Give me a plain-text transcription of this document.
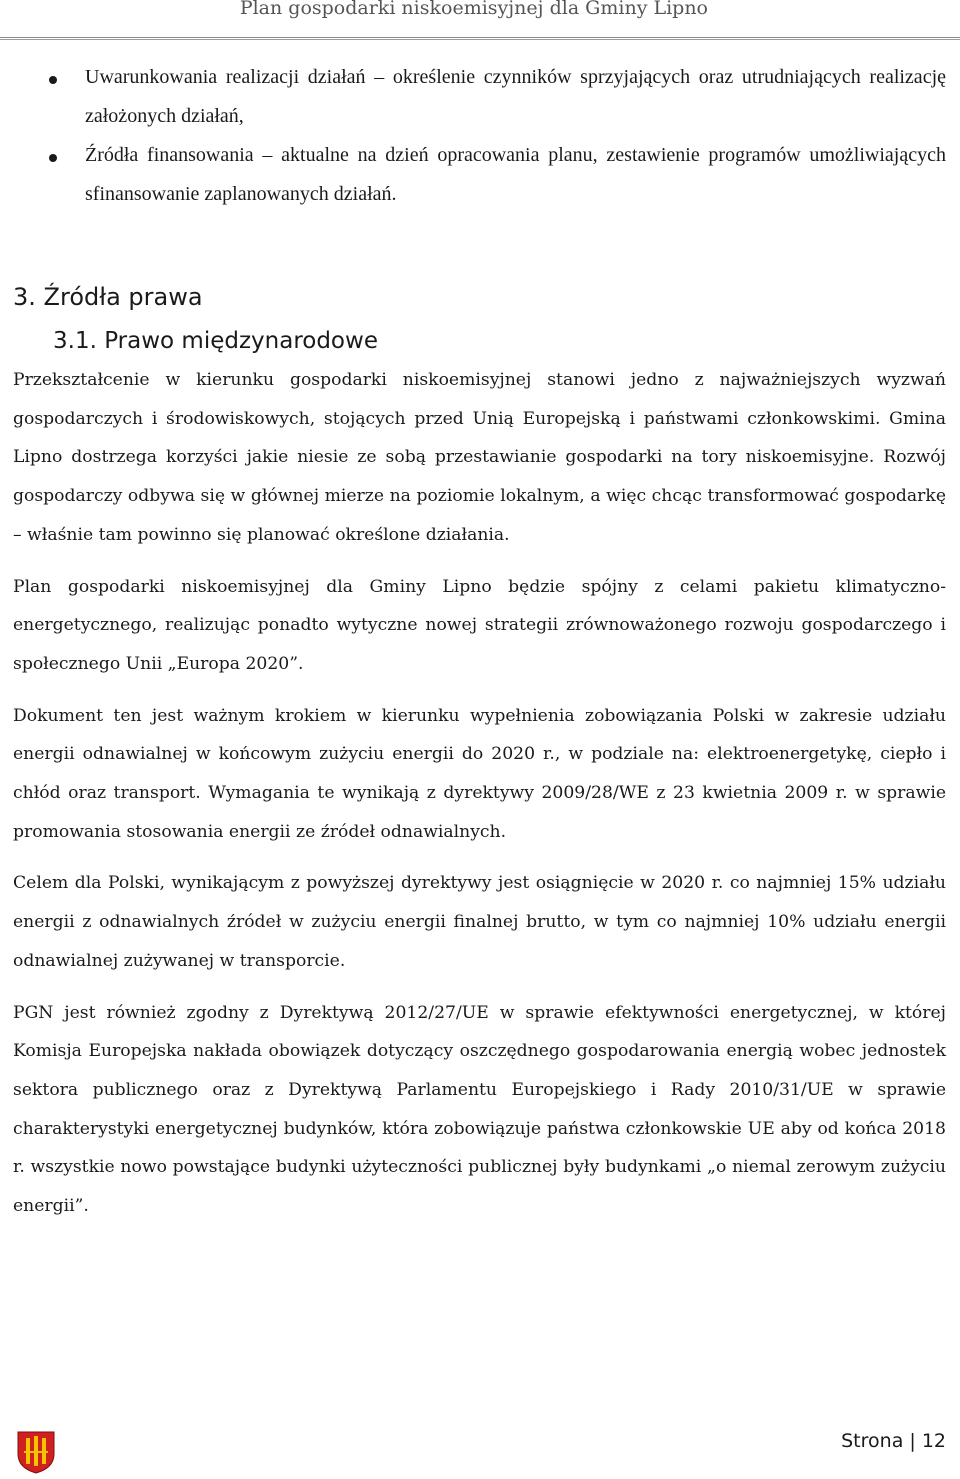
Plan gospodarki niskoemisyjnej dla Gminy Lipno
Uwarunkowania realizacji działań – określenie czynników sprzyjających oraz utrudniających realizację założonych działań,
Źródła finansowania – aktualne na dzień opracowania planu, zestawienie programów umożliwiających sfinansowanie zaplanowanych działań.
3. Źródła prawa
3.1. Prawo międzynarodowe

Przekształcenie w kierunku gospodarki niskoemisyjnej stanowi jedno z najważniejszych wyzwań gospodarczych i środowiskowych, stojących przed Unią Europejską i państwami członkowskimi. Gmina Lipno dostrzega korzyści jakie niesie ze sobą przestawianie gospodarki na tory niskoemisyjne. Rozwój gospodarczy odbywa się w głównej mierze na poziomie lokalnym, a więc chcąc transformować gospodarkę – właśnie tam powinno się planować określone działania.

Plan gospodarki niskoemisyjnej dla Gminy Lipno będzie spójny z celami pakietu klimatyczno-energetycznego, realizując ponadto wytyczne nowej strategii zrównoważonego rozwoju gospodarczego i społecznego Unii „Europa 2020”.

Dokument ten jest ważnym krokiem w kierunku wypełnienia zobowiązania Polski w zakresie udziału energii odnawialnej w końcowym zużyciu energii do 2020 r., w podziale na: elektroenergetykę, ciepło i chłód oraz transport. Wymagania te wynikają z dyrektywy 2009/28/WE z 23 kwietnia 2009 r. w sprawie promowania stosowania energii ze źródeł odnawialnych.

Celem dla Polski, wynikającym z powyższej dyrektywy jest osiągnięcie w 2020 r. co najmniej 15% udziału energii z odnawialnych źródeł w zużyciu energii finalnej brutto, w tym co najmniej 10% udziału energii odnawialnej zużywanej w transporcie.

PGN jest również zgodny z Dyrektywą 2012/27/UE w sprawie efektywności energetycznej, w której Komisja Europejska nakłada obowiązek dotyczący oszczędnego gospodarowania energią wobec jednostek sektora publicznego oraz z Dyrektywą Parlamentu Europejskiego i Rady 2010/31/UE w sprawie charakterystyki energetycznej budynków, która zobowiązuje państwa członkowskie UE aby od końca 2018 r. wszystkie nowo powstające budynki użyteczności publicznej były budynkami „o niemal zerowym zużyciu energii”.

Strona | 12
